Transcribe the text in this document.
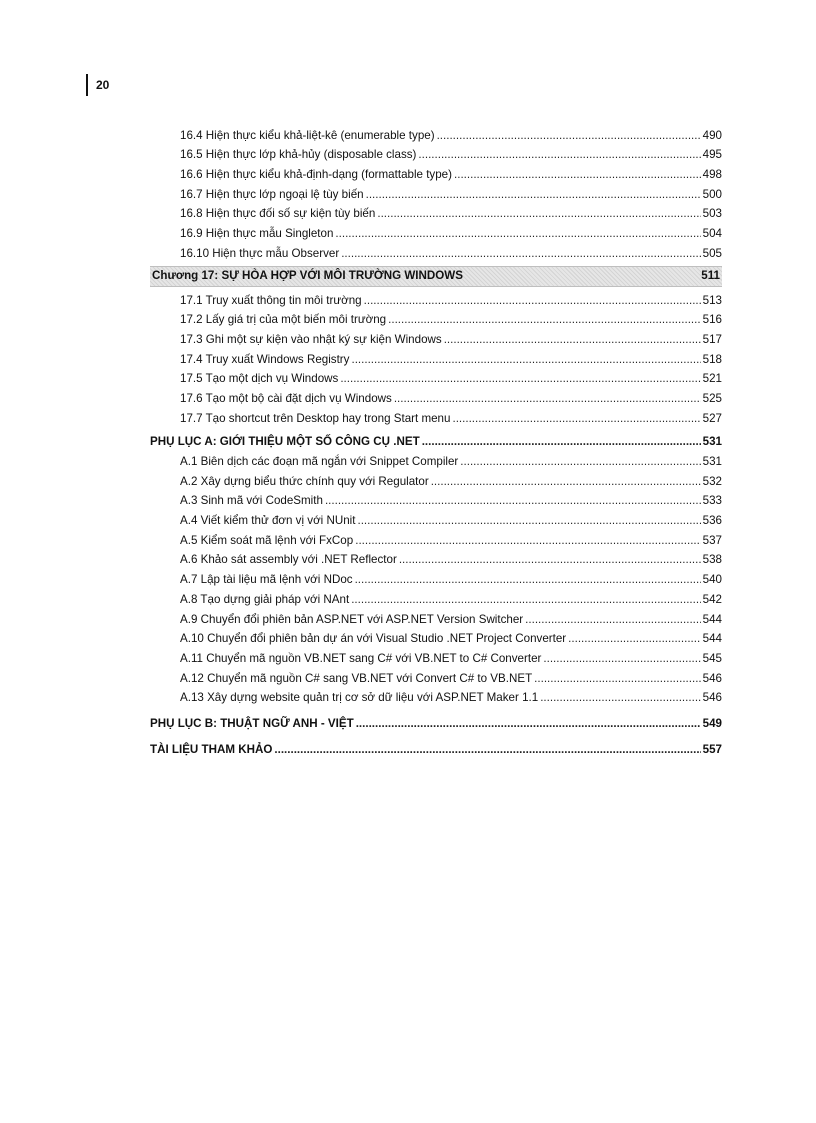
20
16.4 Hiện thực kiểu khả-liệt-kê (enumerable type) .....	490
16.5 Hiện thực lớp khả-hủy (disposable class) .....	495
16.6 Hiện thực kiểu khả-định-dạng (formattable type) .....	498
16.7 Hiện thực lớp ngoại lệ tùy biến .....	500
16.8 Hiện thực đối số sự kiện tùy biến .....	503
16.9 Hiện thực mẫu Singleton .....	504
16.10 Hiện thực mẫu Observer .....	505
Chương 17: SỰ HÒA HỢP VỚI MÔI TRƯỜNG WINDOWS	511
17.1 Truy xuất thông tin môi trường .....	513
17.2 Lấy giá trị của một biến môi trường .....	516
17.3 Ghi một sự kiện vào nhật ký sự kiện Windows .....	517
17.4 Truy xuất Windows Registry .....	518
17.5 Tạo một dịch vụ Windows .....	521
17.6 Tạo một bộ cài đặt dịch vụ Windows .....	525
17.7 Tạo shortcut trên Desktop hay trong Start menu .....	527
PHỤ LỤC A: GIỚI THIỆU MỘT SỐ CÔNG CỤ .NET .....	531
A.1 Biên dịch các đoạn mã ngắn với Snippet Compiler .....	531
A.2 Xây dựng biểu thức chính quy với Regulator .....	532
A.3 Sinh mã với CodeSmith .....	533
A.4 Viết kiểm thử đơn vị với NUnit .....	536
A.5 Kiểm soát mã lệnh với FxCop .....	537
A.6 Khảo sát assembly với .NET Reflector .....	538
A.7 Lập tài liệu mã lệnh với NDoc .....	540
A.8 Tạo dựng giải pháp với NAnt .....	542
A.9 Chuyển đổi phiên bản ASP.NET với ASP.NET Version Switcher .....	544
A.10 Chuyển đổi phiên bản dự án với Visual Studio .NET Project Converter .....	544
A.11 Chuyển mã nguồn VB.NET sang C# với VB.NET to C# Converter .....	545
A.12 Chuyển mã nguồn C# sang VB.NET với Convert C# to VB.NET .....	546
A.13 Xây dựng website quản trị cơ sở dữ liệu với ASP.NET Maker 1.1 .....	546
PHỤ LỤC B: THUẬT NGỮ ANH - VIỆT .....	549
TÀI LIỆU THAM KHẢO .....	557
